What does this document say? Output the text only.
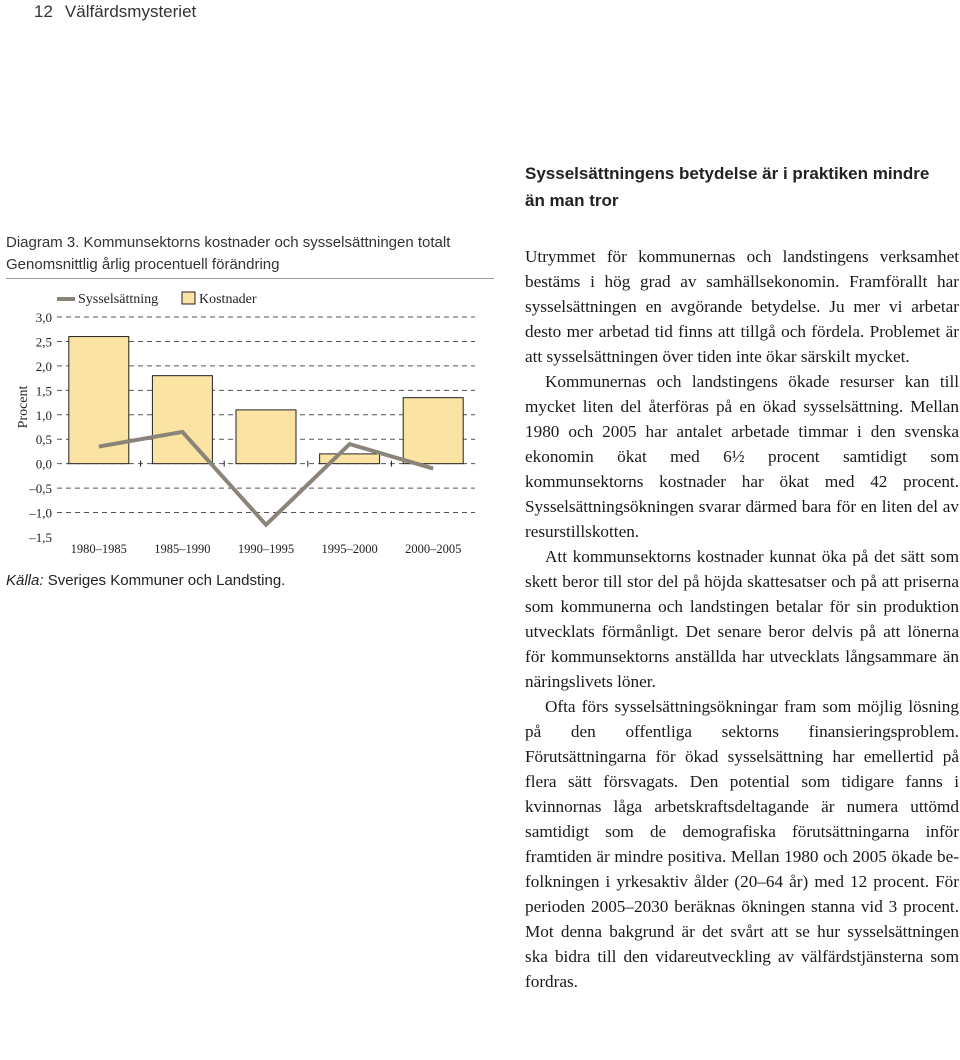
12 Välfärdsmysteriet
Diagram 3. Kommunsektorns kostnader och sysselsättningen totalt
Genomsnittlig årlig procentuell förändring
3,0
2,5
2,0
1,5
1,0
0,5
0,0
–0,5
–1,0
–1,5
Procent
1980–1985 1985–1990 1990–1995 1995–2000 2000–2005
Sysselsättning	Kostnader
Källa: Sveriges Kommuner och Landsting.
Sysselsättningens betydelse är i praktiken mindre
än man tror

Utrymmet för kommunernas och landstingens verksamhet bestäms i hög grad av samhällsekonomin. Framförallt har sysselsättningen en avgörande betydelse. Ju mer vi arbetar desto mer arbetad tid finns att tillgå och fördela. Problemet är att sysselsättningen över tiden inte ökar särskilt mycket.

Kommunernas och landstingens ökade resurser kan till mycket liten del återföras på en ökad sysselsättning. Mellan 1980 och 2005 har antalet arbetade timmar i den svenska ekonomin ökat med 6½ procent samtidigt som kommunsektorns kostnader har ökat med 42 procent. Sysselsättningsökningen svarar därmed bara för en liten del av resurstillskotten.

Att kommunsektorns kostnader kunnat öka på det sätt som skett beror till stor del på höjda skattesatser och på att priserna som kommunerna och landstingen betalar för sin produktion utvecklats förmånligt. Det senare beror delvis på att lönerna för kommunsektorns anställda har utvecklats långsammare än näringslivets löner.

Ofta förs sysselsättningsökningar fram som möjlig lösning på den offentliga sektorns finansieringsproblem. Förutsättningarna för ökad sysselsättning har emellertid på flera sätt försvagats. Den potential som tidigare fanns i kvinnornas låga arbetskraftsdeltagande är numera uttömd samtidigt som de demografiska förutsättningarna inför framtiden är mindre positiva. Mellan 1980 och 2005 ökade befolkningen i yrkesaktiv ålder (20–64 år) med 12 procent. För perioden 2005–2030 beräknas ökningen stanna vid 3 procent. Mot denna bakgrund är det svårt att se hur sysselsättningen ska bidra till den vidareutveckling av välfärdstjänsterna som fordras.
